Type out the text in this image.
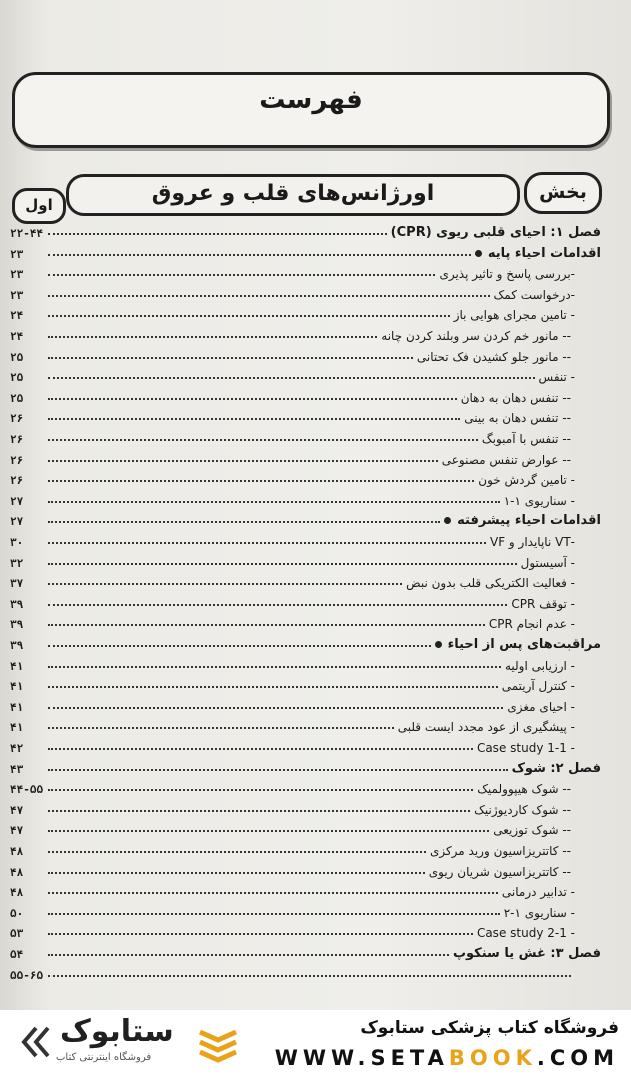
فهرست
بخش
اورژانس‌های قلب و عروق
اول
۲۲-۴۴	فصل ۱: احیای قلبی ریوی (CPR)
۲۳	اقدامات احیاء پایه
۲۳	-بررسی پاسخ و تاثیر پذیری
۲۳	-درخواست کمک
۲۴	- تامین مجرای هوایی باز
۲۴	-- مانور خم کردن سر وبلند کردن چانه
۲۵	-- مانور جلو کشیدن فک تحتانی
۲۵	- تنفس
۲۵	-- تنفس دهان به دهان
۲۶	-- تنفس دهان به بینی
۲۶	-- تنفس با آمبوبگ
۲۶	-- عوارض تنفس مصنوعی
۲۶	- تامین گردش خون
۲۷	- سناریوی ۱-۱
۲۷	اقدامات احیاء پیشرفته
۳۰	-VT ناپایدار و VF
۳۲	- آسیستول
۳۷	- فعالیت الکتریکی قلب بدون نبض
۳۹	- توقف CPR
۳۹	- عدم انجام CPR
۳۹	مراقبت‌های پس از احیاء
۴۱	- ارزیابی اولیه
۴۱	- کنترل آریتمی
۴۱	- احیای مغزی
۴۱	- پیشگیری از عود مجدد ایست قلبی
۴۲	- Case study 1-1
۴۳	فصل ۲: شوک
۴۴-۵۵	-- شوک هیپوولمیک
۴۷	-- شوک کاردیوژنیک
۴۷	-- شوک توزیعی
۴۸	-- کاتتریزاسیون ورید مرکزی
۴۸	-- کاتتریزاسیون شریان ریوی
۴۸	- تدابیر درمانی
۵۰	- سناریوی ۱-۲
۵۳	- Case study 2-1
۵۴	فصل ۳: غش یا سنکوپ
۵۵-۶۵
ستابوک
فروشگاه اینترنتی کتاب
فروشگاه کتاب پزشکی ستابوک
WWW.SETABOOK.COM
